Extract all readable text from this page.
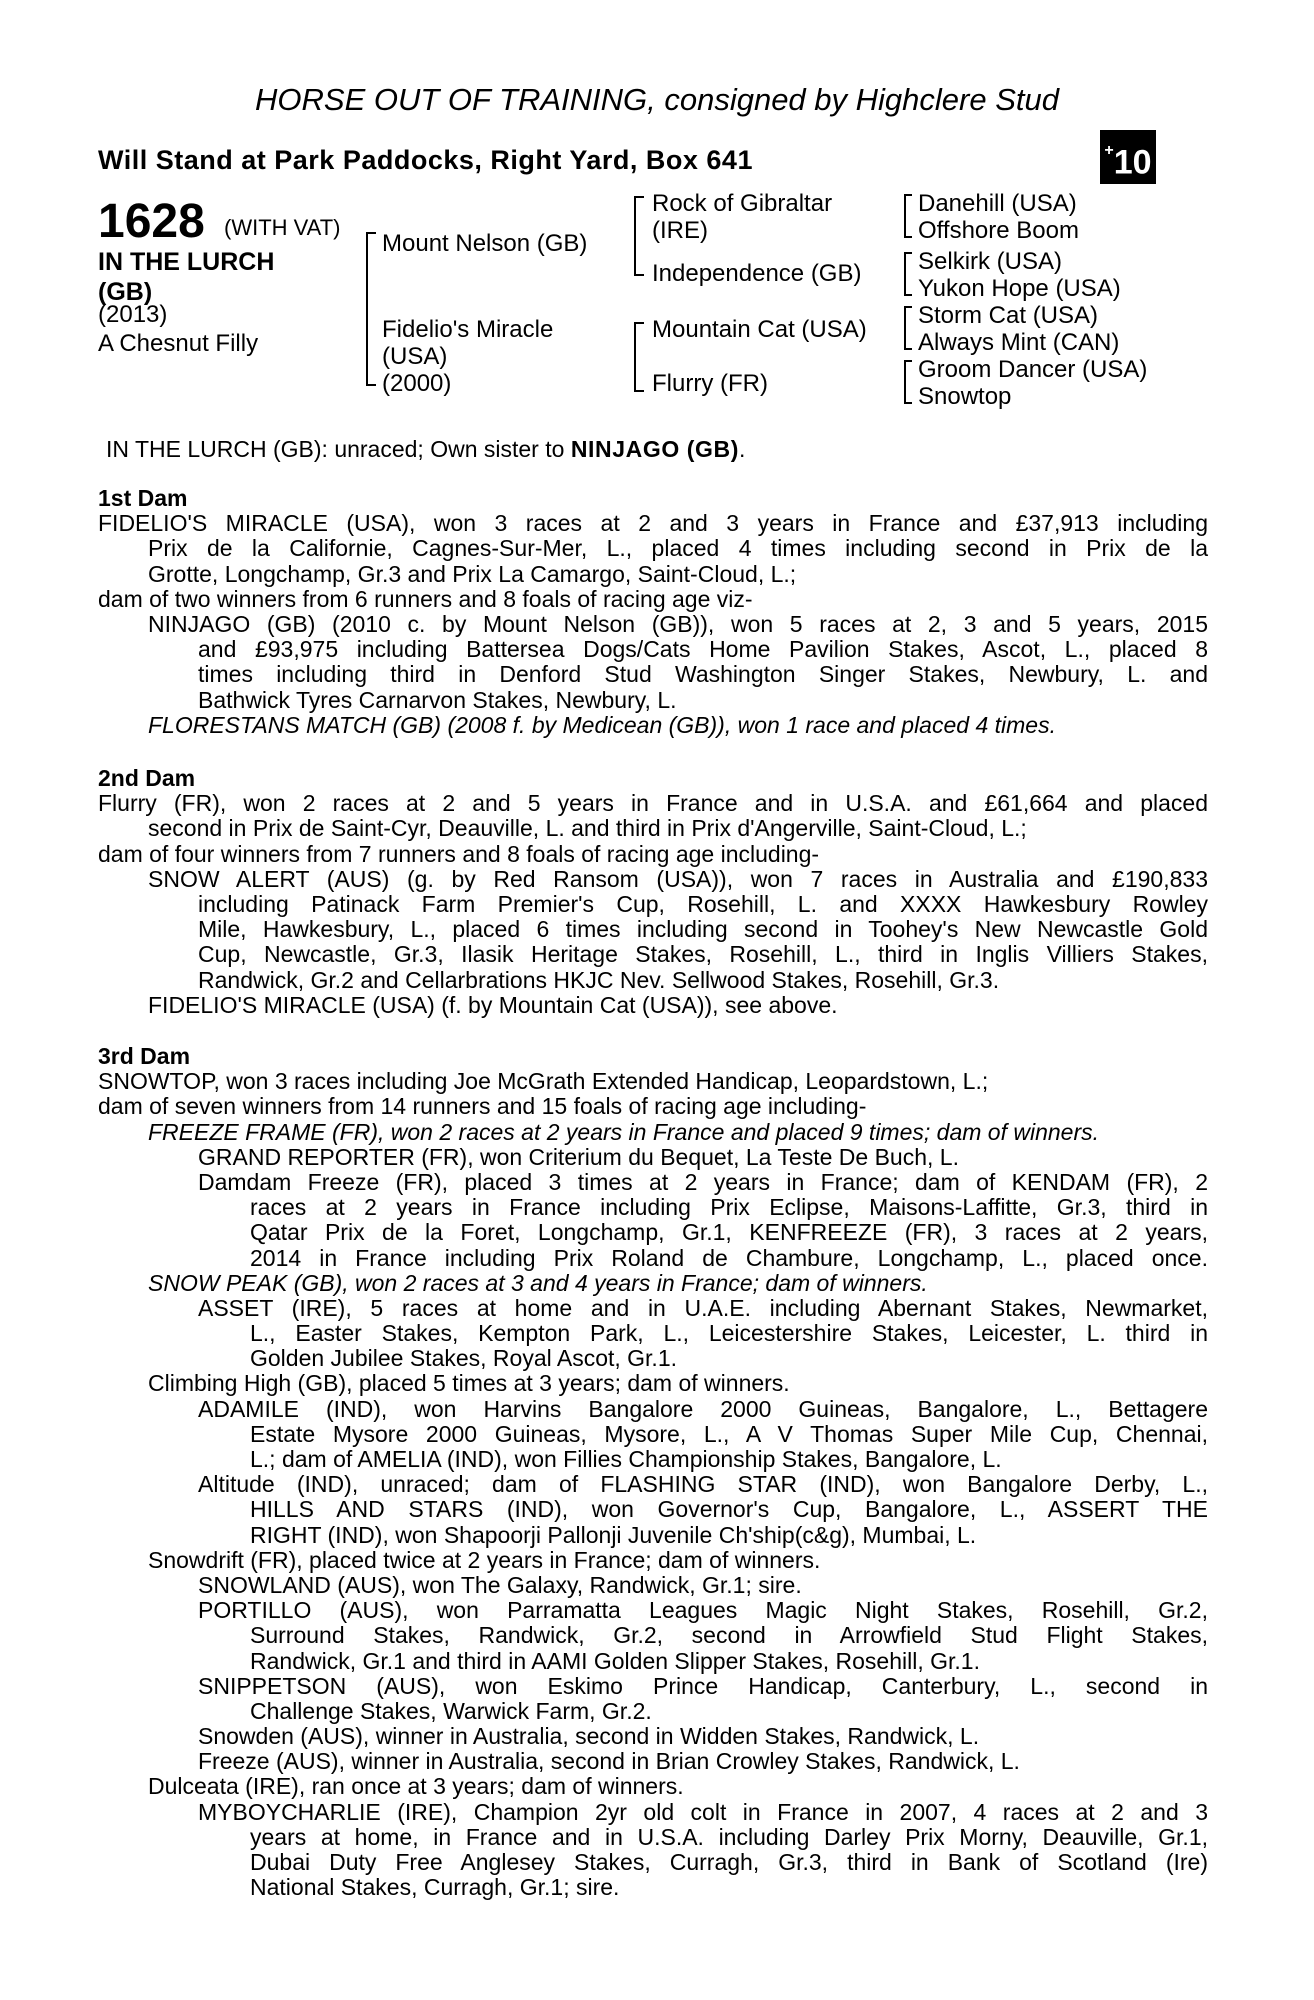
HORSE OUT OF TRAINING, consigned by Highclere Stud
Will Stand at Park Paddocks, Right Yard, Box 641	+10
1628 (WITH VAT)
IN THE LURCH
(GB)
(2013)
A Chesnut Filly
Mount Nelson (GB)
Fidelio's Miracle
(USA)
(2000)
Rock of Gibraltar
(IRE)
Independence (GB)
Mountain Cat (USA)
Flurry (FR)
Danehill (USA)
Offshore Boom
Selkirk (USA)
Yukon Hope (USA)
Storm Cat (USA)
Always Mint (CAN)
Groom Dancer (USA)
Snowtop
IN THE LURCH (GB): unraced; Own sister to NINJAGO (GB).
1st Dam
FIDELIO'S MIRACLE (USA), won 3 races at 2 and 3 years in France and £37,913 including
Prix de la Californie, Cagnes-Sur-Mer, L., placed 4 times including second in Prix de la
Grotte, Longchamp, Gr.3 and Prix La Camargo, Saint-Cloud, L.;
dam of two winners from 6 runners and 8 foals of racing age viz-
NINJAGO (GB) (2010 c. by Mount Nelson (GB)), won 5 races at 2, 3 and 5 years, 2015
and £93,975 including Battersea Dogs/Cats Home Pavilion Stakes, Ascot, L., placed 8
times including third in Denford Stud Washington Singer Stakes, Newbury, L. and
Bathwick Tyres Carnarvon Stakes, Newbury, L.
FLORESTANS MATCH (GB) (2008 f. by Medicean (GB)), won 1 race and placed 4 times.
2nd Dam
Flurry (FR), won 2 races at 2 and 5 years in France and in U.S.A. and £61,664 and placed
second in Prix de Saint-Cyr, Deauville, L. and third in Prix d'Angerville, Saint-Cloud, L.;
dam of four winners from 7 runners and 8 foals of racing age including-
SNOW ALERT (AUS) (g. by Red Ransom (USA)), won 7 races in Australia and £190,833
including Patinack Farm Premier's Cup, Rosehill, L. and XXXX Hawkesbury Rowley
Mile, Hawkesbury, L., placed 6 times including second in Toohey's New Newcastle Gold
Cup, Newcastle, Gr.3, Ilasik Heritage Stakes, Rosehill, L., third in Inglis Villiers Stakes,
Randwick, Gr.2 and Cellarbrations HKJC Nev. Sellwood Stakes, Rosehill, Gr.3.
FIDELIO'S MIRACLE (USA) (f. by Mountain Cat (USA)), see above.
3rd Dam
SNOWTOP, won 3 races including Joe McGrath Extended Handicap, Leopardstown, L.;
dam of seven winners from 14 runners and 15 foals of racing age including-
FREEZE FRAME (FR), won 2 races at 2 years in France and placed 9 times; dam of winners.
GRAND REPORTER (FR), won Criterium du Bequet, La Teste De Buch, L.
Damdam Freeze (FR), placed 3 times at 2 years in France; dam of KENDAM (FR), 2
races at 2 years in France including Prix Eclipse, Maisons-Laffitte, Gr.3, third in
Qatar Prix de la Foret, Longchamp, Gr.1, KENFREEZE (FR), 3 races at 2 years,
2014 in France including Prix Roland de Chambure, Longchamp, L., placed once.
SNOW PEAK (GB), won 2 races at 3 and 4 years in France; dam of winners.
ASSET (IRE), 5 races at home and in U.A.E. including Abernant Stakes, Newmarket,
L., Easter Stakes, Kempton Park, L., Leicestershire Stakes, Leicester, L. third in
Golden Jubilee Stakes, Royal Ascot, Gr.1.
Climbing High (GB), placed 5 times at 3 years; dam of winners.
ADAMILE (IND), won Harvins Bangalore 2000 Guineas, Bangalore, L., Bettagere
Estate Mysore 2000 Guineas, Mysore, L., A V Thomas Super Mile Cup, Chennai,
L.; dam of AMELIA (IND), won Fillies Championship Stakes, Bangalore, L.
Altitude (IND), unraced; dam of FLASHING STAR (IND), won Bangalore Derby, L.,
HILLS AND STARS (IND), won Governor's Cup, Bangalore, L., ASSERT THE
RIGHT (IND), won Shapoorji Pallonji Juvenile Ch'ship(c&g), Mumbai, L.
Snowdrift (FR), placed twice at 2 years in France; dam of winners.
SNOWLAND (AUS), won The Galaxy, Randwick, Gr.1; sire.
PORTILLO (AUS), won Parramatta Leagues Magic Night Stakes, Rosehill, Gr.2,
Surround Stakes, Randwick, Gr.2, second in Arrowfield Stud Flight Stakes,
Randwick, Gr.1 and third in AAMI Golden Slipper Stakes, Rosehill, Gr.1.
SNIPPETSON (AUS), won Eskimo Prince Handicap, Canterbury, L., second in
Challenge Stakes, Warwick Farm, Gr.2.
Snowden (AUS), winner in Australia, second in Widden Stakes, Randwick, L.
Freeze (AUS), winner in Australia, second in Brian Crowley Stakes, Randwick, L.
Dulceata (IRE), ran once at 3 years; dam of winners.
MYBOYCHARLIE (IRE), Champion 2yr old colt in France in 2007, 4 races at 2 and 3
years at home, in France and in U.S.A. including Darley Prix Morny, Deauville, Gr.1,
Dubai Duty Free Anglesey Stakes, Curragh, Gr.3, third in Bank of Scotland (Ire)
National Stakes, Curragh, Gr.1; sire.
